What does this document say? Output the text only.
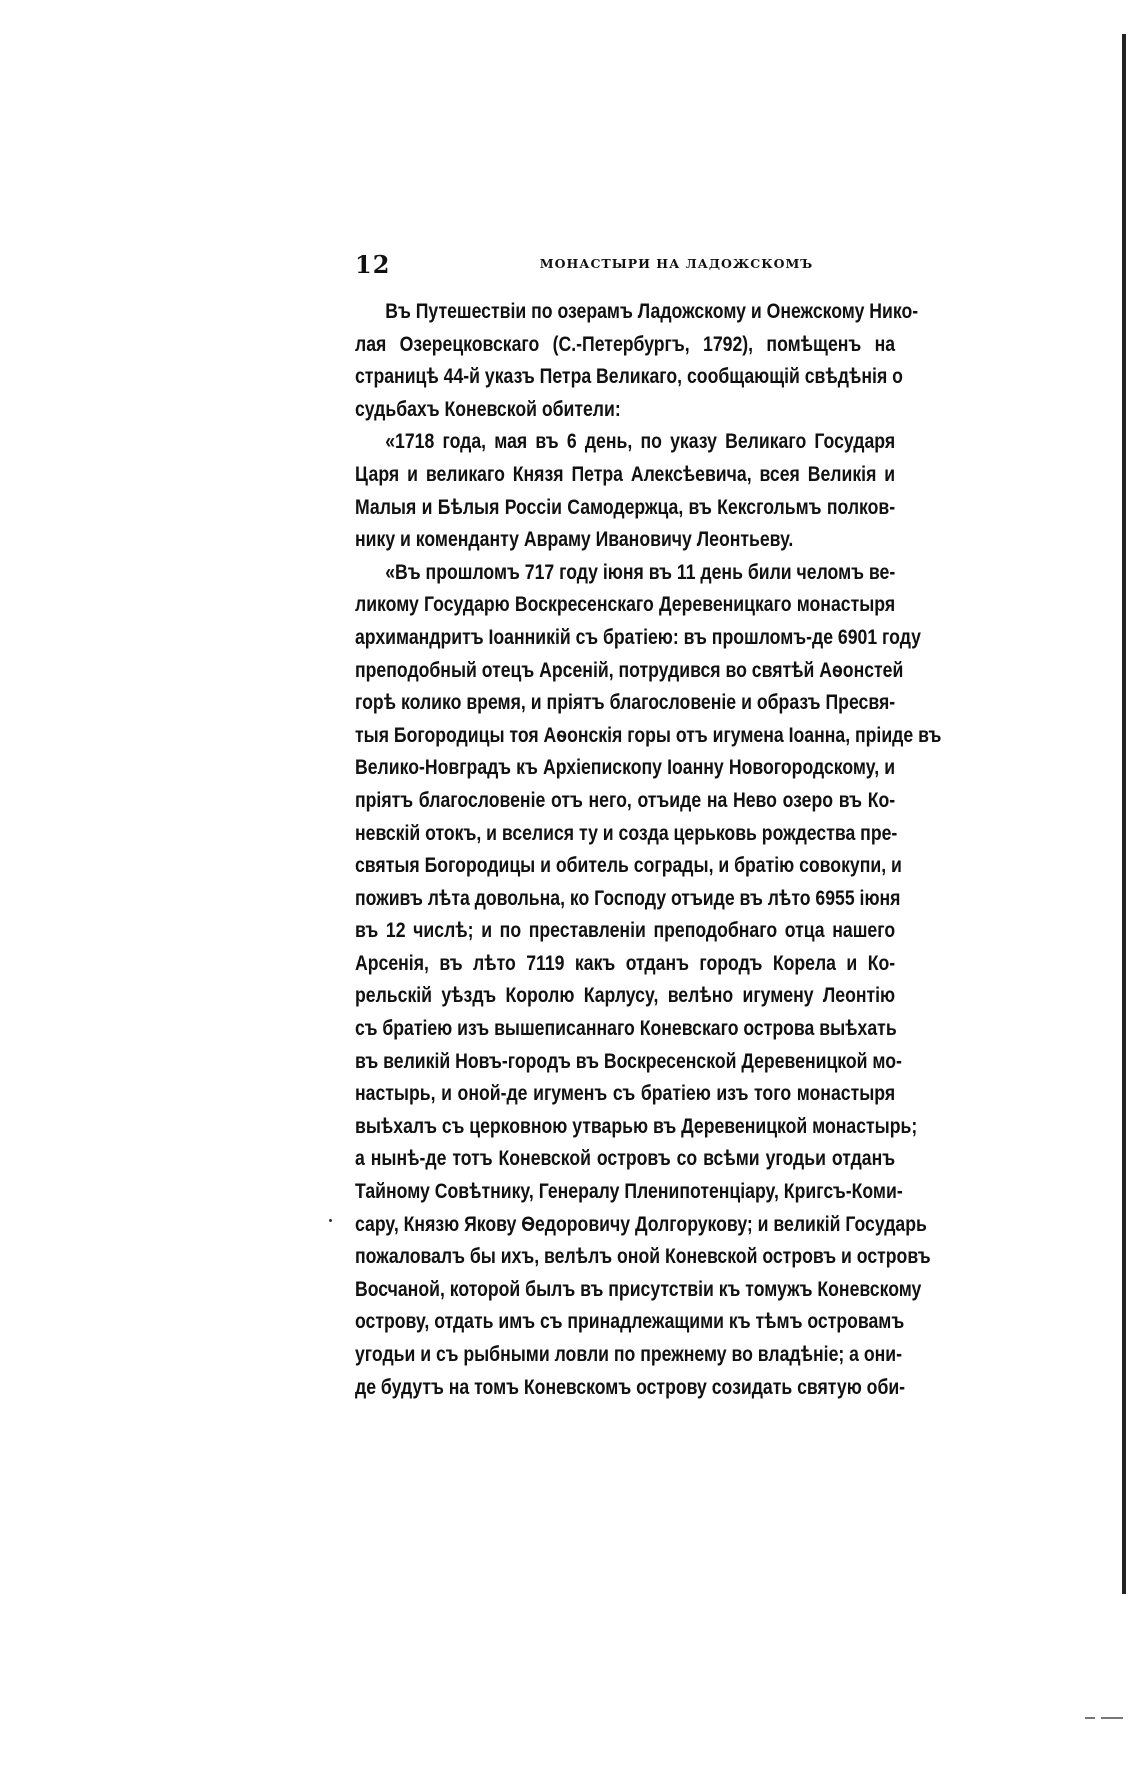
12	МОНАСТЫРИ НА ЛАДОЖСКОМЪ
Въ Путешествіи по озерамъ Ладожскому и Онежскому Нико-
лая Озерецковскаго (С.-Петербургъ, 1792), помѣщенъ на
страницѣ 44-й указъ Петра Великаго, сообщающій свѣдѣнія о
судьбахъ Коневской обители:
«1718 года, мая въ 6 день, по указу Великаго Государя
Царя и великаго Князя Петра Алексѣевича, всея Великія и
Малыя и Бѣлыя Россіи Самодержца, въ Кексгольмъ полков-
нику и коменданту Авраму Ивановичу Леонтьеву.
«Въ прошломъ 717 году іюня въ 11 день били челомъ ве-
ликому Государю Воскресенскаго Деревеницкаго монастыря
архимандритъ Іоанникій съ братіею: въ прошломъ-де 6901 году
преподобный отецъ Арсеній, потрудився во святѣй Аѳонстей
горѣ колико время, и пріятъ благословеніе и образъ Пресвя-
тыя Богородицы тоя Аѳонскія горы отъ игумена Іоанна, пріиде въ
Велико-Новградъ къ Архіепископу Іоанну Новогородскому, и
пріятъ благословеніе отъ него, отъиде на Нево озеро въ Ко-
невскій отокъ, и вселися ту и созда церьковь рождества пре-
святыя Богородицы и обитель сограды, и братію совокупи, и
поживъ лѣта довольна, ко Господу отъиде въ лѣто 6955 іюня
въ 12 числѣ; и по преставленіи преподобнаго отца нашего
Арсенія, въ лѣто 7119 какъ отданъ городъ Корела и Ко-
рельскій уѣздъ Королю Карлусу, велѣно игумену Леонтію
съ братіею изъ вышеписаннаго Коневскаго острова выѣхать
въ великій Новъ-городъ въ Воскресенской Деревеницкой мо-
настырь, и оной-де игуменъ съ братіею изъ того монастыря
выѣхалъ съ церковною утварью въ Деревеницкой монастырь;
а нынѣ-де тотъ Коневской островъ со всѣми угодьи отданъ
Тайному Совѣтнику, Генералу Пленипотенціару, Кригсъ-Коми-
сару, Князю Якову Ѳедоровичу Долгорукову; и великій Государь
пожаловалъ бы ихъ, велѣлъ оной Коневской островъ и островъ
Восчаной, которой былъ въ присутствіи къ томужъ Коневскому
острову, отдать имъ съ принадлежащими къ тѣмъ островамъ
угодьи и съ рыбными ловли по прежнему во владѣніе; а они-
де будутъ на томъ Коневскомъ острову созидать святую оби-
